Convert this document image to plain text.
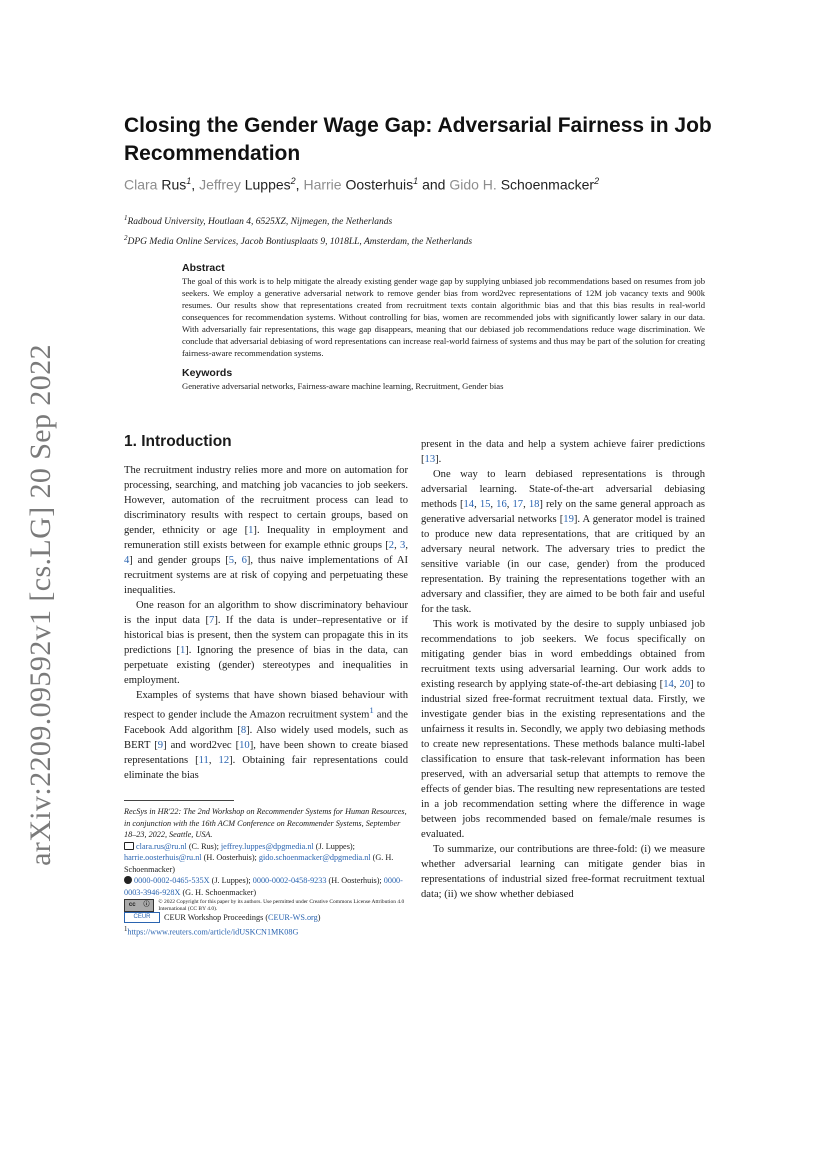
arXiv:2209.09592v1 [cs.LG] 20 Sep 2022
Closing the Gender Wage Gap: Adversarial Fairness in Job Recommendation
Clara Rus$^1$, Jeffrey Luppes$^2$, Harrie Oosterhuis$^1$ and Gido H. Schoenmacker$^2$
$^1$Radboud University, Houtlaan 4, 6525XZ, Nijmegen, the Netherlands
$^2$DPG Media Online Services, Jacob Bontiusplaats 9, 1018LL, Amsterdam, the Netherlands
Abstract

The goal of this work is to help mitigate the already existing gender wage gap by supplying unbiased job recommendations based on resumes from job seekers. We employ a generative adversarial network to remove gender bias from word2vec representations of 12M job vacancy texts and 900k resumes. Our results show that representations created from recruitment texts contain algorithmic bias and that this bias results in real-world consequences for recommendation systems. Without controlling for bias, women are recommended jobs with significantly lower salary in our data. With adversarially fair representations, this wage gap disappears, meaning that our debiased job recommendations reduce wage discrimination. We conclude that adversarial debiasing of word representations can increase real-world fairness of systems and thus may be part of the solution for creating fairness-aware recommendation systems.

Keywords

Generative adversarial networks, Fairness-aware machine learning, Recruitment, Gender bias

1. Introduction

The recruitment industry relies more and more on automation for processing, searching, and matching job vacancies to job seekers. However, automation of the recruitment process can lead to discriminatory results with respect to certain groups, based on gender, ethnicity or age [1]. Inequality in employment and remuneration still exists between for example ethnic groups [2, 3, 4] and gender groups [5, 6], thus naive implementations of AI recruitment systems are at risk of copying and perpetuating these inequalities.

One reason for an algorithm to show discriminatory behaviour is the input data [7]. If the data is under–representative or if historical bias is present, then the system can propagate this in its predictions [1]. Ignoring the presence of bias in the data, can perpetuate existing (gender) stereotypes and inequalities in employment.

Examples of systems that have shown biased behaviour with respect to gender include the Amazon recruitment system$^1$ and the Facebook Add algorithm [8]. Also widely used models, such as BERT [9] and word2vec [10], have been shown to create biased representations [11, 12]. Obtaining fair representations could eliminate the bias

present in the data and help a system achieve fairer predictions [13].

One way to learn debiased representations is through adversarial learning. State-of-the-art adversarial debiasing methods [14, 15, 16, 17, 18] rely on the same general approach as generative adversarial networks [19]. A generator model is trained to produce new data representations, that are critiqued by an adversary neural network. The adversary tries to predict the sensitive variable (in our case, gender) from the produced representation. By training the representations together with an adversary and classifier, they are aimed to be both fair and useful for the task.

This work is motivated by the desire to supply unbiased job recommendations to job seekers. We focus specifically on mitigating gender bias in word embeddings obtained from recruitment texts using adversarial learning. Our work adds to existing research by applying state-of-the-art debiasing [14, 20] to industrial sized free-format recruitment textual data. Firstly, we investigate gender bias in the existing representations and the unfairness it results in. Secondly, we apply two debiasing methods to create new representations. These methods balance multi-label classification to ensure that task-relevant information has been preserved, with an adversarial setup that attempts to remove the effects of gender bias. The resulting new representations are tested in a job recommendation setting where the difference in wage between jobs recommended based on female/male resumes is evaluated.

To summarize, our contributions are three-fold: (i) we measure whether adversarial learning can mitigate gender bias in representations of industrial sized free-format recruitment textual data; (ii) we show whether debiased

RecSys in HR'22: The 2nd Workshop on Recommender Systems for Human Resources, in conjunction with the 16th ACM Conference on Recommender Systems, September 18–23, 2022, Seattle, USA.
clara.rus@ru.nl (C. Rus); jeffrey.luppes@dpgmedia.nl (J. Luppes); harrie.oosterhuis@ru.nl (H. Oosterhuis); gido.schoenmacker@dpgmedia.nl (G. H. Schoenmacker)
0000-0002-0465-535X (J. Luppes); 0000-0002-0458-9233 (H. Oosterhuis); 0000-0003-3946-928X (G. H. Schoenmacker)
cc ⓘ © 2022 Copyright for this paper by its authors. Use permitted under Creative Commons License Attribution 4.0 International (CC BY 4.0).
CEUR	CEUR Workshop Proceedings (CEUR-WS.org)
$^1$https://www.reuters.com/article/idUSKCN1MK08G
